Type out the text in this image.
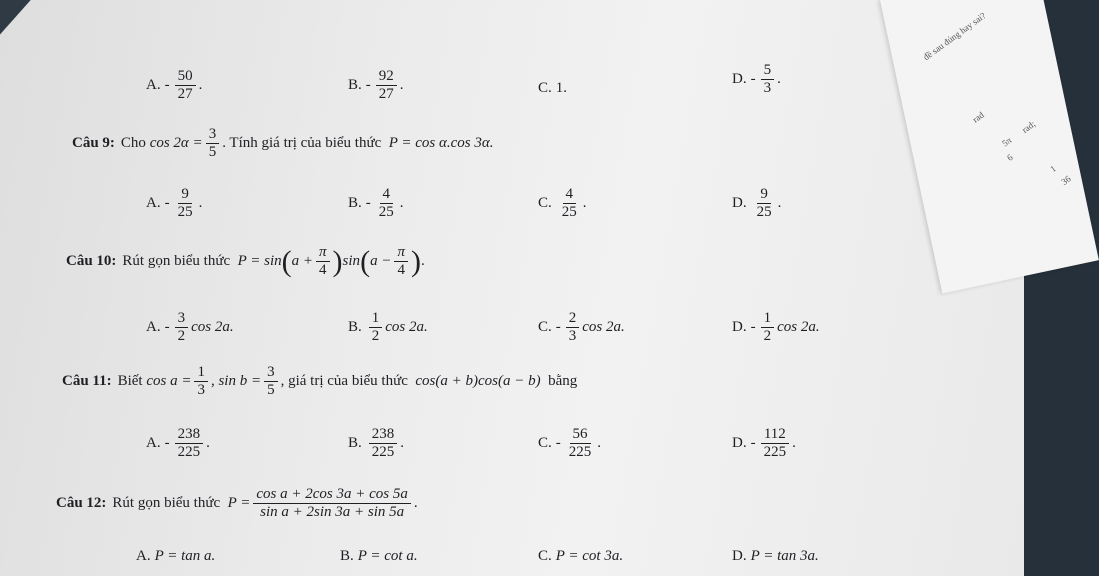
đề sau đúng hay sai?
rad
rad;
5π
6
1
36
A. - $\frac{50}{27}$ .	B. - $\frac{92}{27}$ .	C. 1.
D. - $\frac{5}{3}$ .
Câu 9: Cho
$\cos 2\alpha = \frac{3}{5}$ . Tính giá trị của biểu thức
P = cos α.cos 3α.
A. - $\frac{9}{25}$ .	B. - $\frac{4}{25}$ .	C. $\frac{4}{25}$ .	D. $\frac{9}{25}$ .
Câu 10: Rút gọn biểu thức
P = sin ( $a + \frac{\pi}{4}$ ) sin ( $a - \frac{\pi}{4}$ ) .
A. - $\frac{3}{2}$ cos 2a.	B. $\frac{1}{2}$ cos 2a.	C. - $\frac{2}{3}$ cos 2a.	D. - $\frac{1}{2}$ cos 2a.
Câu 11: Biết
$\cos a = \frac{1}{3}$ ,
$\sin b = \frac{3}{5}$ , giá trị của biểu thức
cos(a + b)cos(a − b)
bằng
A. - $\frac{238}{225}$ .	B. $\frac{238}{225}$ .	C. - $\frac{56}{225}$ .	D. - $\frac{112}{225}$ .
Câu 12: Rút gọn biểu thức
$P = \frac{\text{cos a + 2cos 3a + cos 5a}}{\text{sin a + 2sin 3a + sin 5a}}$ .
A. P = tan a.	B. P = cot a.	C. P = cot 3a.	D. P = tan 3a.
